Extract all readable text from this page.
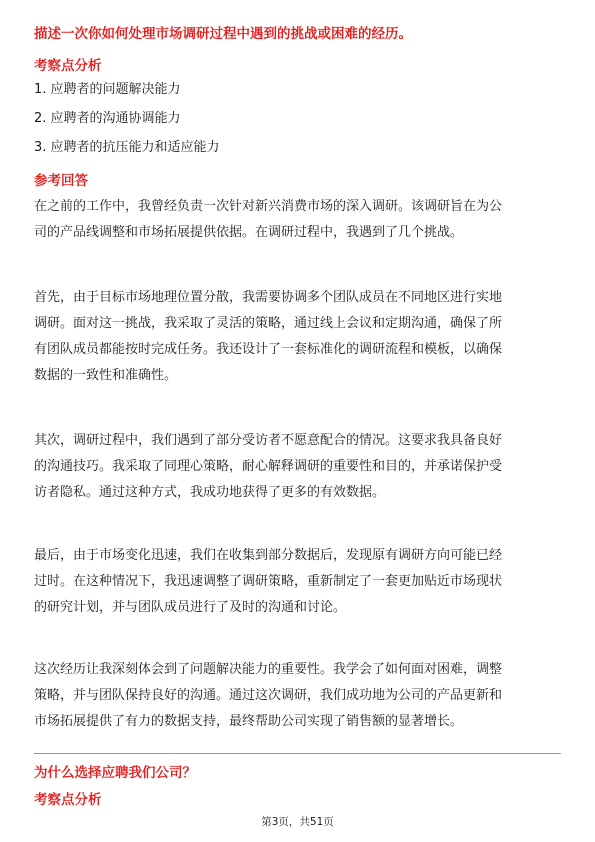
描述一次你如何处理市场调研过程中遇到的挑战或困难的经历。
考察点分析
1. 应聘者的问题解决能力
2. 应聘者的沟通协调能力
3. 应聘者的抗压能力和适应能力
参考回答
在之前的工作中，我曾经负责一次针对新兴消费市场的深入调研。该调研旨在为公
司的产品线调整和市场拓展提供依据。在调研过程中，我遇到了几个挑战。
首先，由于目标市场地理位置分散，我需要协调多个团队成员在不同地区进行实地
调研。面对这一挑战，我采取了灵活的策略，通过线上会议和定期沟通，确保了所
有团队成员都能按时完成任务。我还设计了一套标准化的调研流程和模板，以确保
数据的一致性和准确性。
其次，调研过程中，我们遇到了部分受访者不愿意配合的情况。这要求我具备良好
的沟通技巧。我采取了同理心策略，耐心解释调研的重要性和目的，并承诺保护受
访者隐私。通过这种方式，我成功地获得了更多的有效数据。
最后，由于市场变化迅速，我们在收集到部分数据后，发现原有调研方向可能已经
过时。在这种情况下，我迅速调整了调研策略，重新制定了一套更加贴近市场现状
的研究计划，并与团队成员进行了及时的沟通和讨论。
这次经历让我深刻体会到了问题解决能力的重要性。我学会了如何面对困难，调整
策略，并与团队保持良好的沟通。通过这次调研，我们成功地为公司的产品更新和
市场拓展提供了有力的数据支持，最终帮助公司实现了销售额的显著增长。
为什么选择应聘我们公司？
考察点分析
第3页，共51页
